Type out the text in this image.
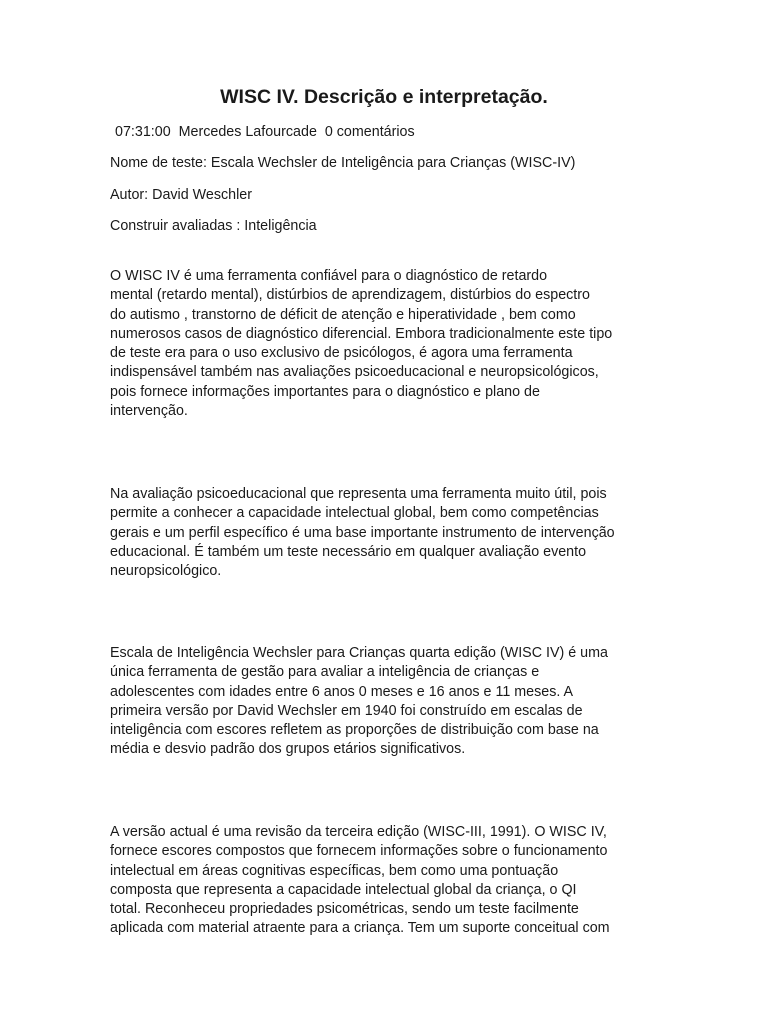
WISC IV. Descrição e interpretação.

07:31:00 Mercedes Lafourcade 0 comentários

Nome de teste: Escala Wechsler de Inteligência para Crianças (WISC-IV)

Autor: David Weschler

Construir avaliadas : Inteligência

O WISC IV é uma ferramenta confiável para o diagnóstico de retardo
mental (retardo mental), distúrbios de aprendizagem, distúrbios do espectro
do autismo , transtorno de déficit de atenção e hiperatividade , bem como
numerosos casos de diagnóstico diferencial. Embora tradicionalmente este tipo
de teste era para o uso exclusivo de psicólogos, é agora uma ferramenta
indispensável também nas avaliações psicoeducacional e neuropsicológicos,
pois fornece informações importantes para o diagnóstico e plano de
intervenção.
Na avaliação psicoeducacional que representa uma ferramenta muito útil, pois
permite a conhecer a capacidade intelectual global, bem como competências
gerais e um perfil específico é uma base importante instrumento de intervenção
educacional. É também um teste necessário em qualquer avaliação evento
neuropsicológico.
Escala de Inteligência Wechsler para Crianças quarta edição (WISC IV) é uma
única ferramenta de gestão para avaliar a inteligência de crianças e
adolescentes com idades entre 6 anos 0 meses e 16 anos e 11 meses. A
primeira versão por David Wechsler em 1940 foi construído em escalas de
inteligência com escores refletem as proporções de distribuição com base na
média e desvio padrão dos grupos etários significativos.
A versão actual é uma revisão da terceira edição (WISC-III, 1991). O WISC IV,
fornece escores compostos que fornecem informações sobre o funcionamento
intelectual em áreas cognitivas específicas, bem como uma pontuação
composta que representa a capacidade intelectual global da criança, o QI
total. Reconheceu propriedades psicométricas, sendo um teste facilmente
aplicada com material atraente para a criança. Tem um suporte conceitual com
